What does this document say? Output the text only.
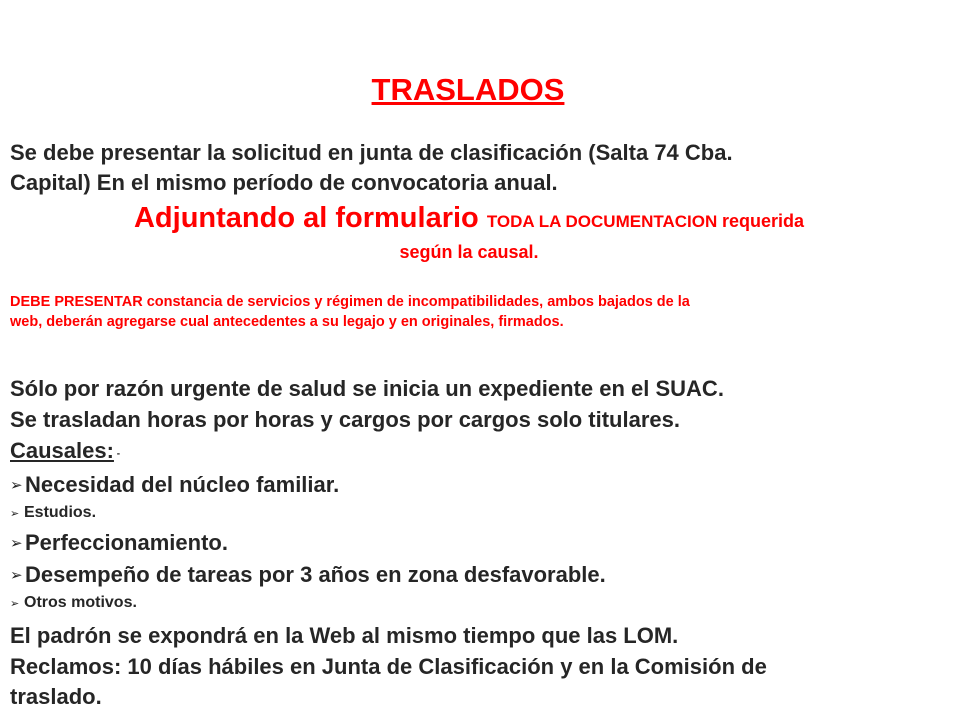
TRASLADOS
Se debe presentar la solicitud en junta de clasificación (Salta 74 Cba.
Capital) En el mismo período de convocatoria anual.
Adjuntando al formulario TODA LA DOCUMENTACION requerida
según la causal.
DEBE PRESENTAR constancia de servicios y régimen de incompatibilidades, ambos bajados de la
web, deberán agregarse cual antecedentes a su legajo y en originales, firmados.
Sólo por razón urgente de salud se inicia un expediente en el SUAC.
Se trasladan horas por horas y cargos por cargos solo titulares.
Causales: -
➢ Necesidad del núcleo familiar.
➢ Estudios.
➢ Perfeccionamiento.
➢ Desempeño de tareas por 3 años en zona desfavorable.
➢ Otros motivos.
El padrón se expondrá en la Web al mismo tiempo que las LOM.
Reclamos: 10 días hábiles en Junta de Clasificación y en la Comisión de
traslado.
